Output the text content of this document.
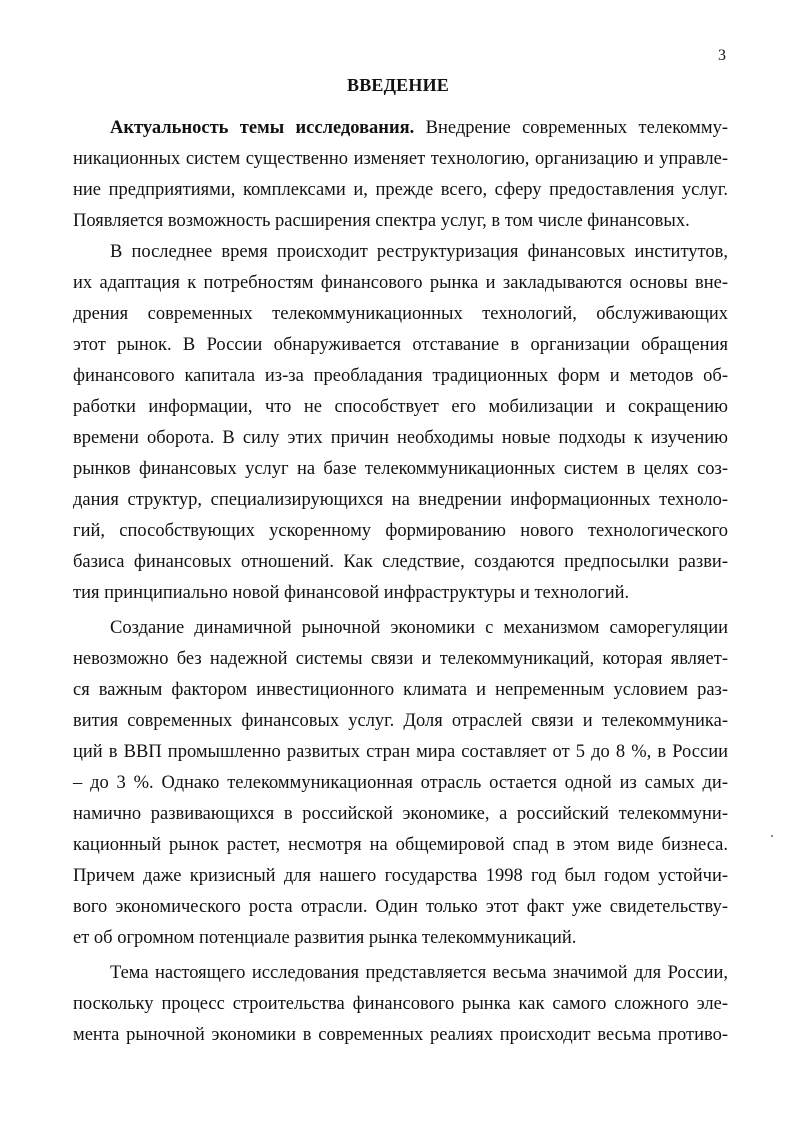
3
ВВЕДЕНИЕ
Актуальность темы исследования. Внедрение современных телекомму-
никационных систем существенно изменяет технологию, организацию и управле-
ние предприятиями, комплексами и, прежде всего, сферу предоставления услуг.
Появляется возможность расширения спектра услуг, в том числе финансовых.
В последнее время происходит реструктуризация финансовых институтов,
их адаптация к потребностям финансового рынка и закладываются основы вне-
дрения современных телекоммуникационных технологий, обслуживающих
этот рынок. В России обнаруживается отставание в организации обращения
финансового капитала из-за преобладания традиционных форм и методов об-
работки информации, что не способствует его мобилизации и сокращению
времени оборота. В силу этих причин необходимы новые подходы к изучению
рынков финансовых услуг на базе телекоммуникационных систем в целях соз-
дания структур, специализирующихся на внедрении информационных техноло-
гий, способствующих ускоренному формированию нового технологического
базиса финансовых отношений. Как следствие, создаются предпосылки разви-
тия принципиально новой финансовой инфраструктуры и технологий.
Создание динамичной рыночной экономики с механизмом саморегуляции
невозможно без надежной системы связи и телекоммуникаций, которая являет-
ся важным фактором инвестиционного климата и непременным условием раз-
вития современных финансовых услуг. Доля отраслей связи и телекоммуника-
ций в ВВП промышленно развитых стран мира составляет от 5 до 8 %, в России
– до 3 %. Однако телекоммуникационная отрасль остается одной из самых ди-
намично развивающихся в российской экономике, а российский телекоммуни-
кационный рынок растет, несмотря на общемировой спад в этом виде бизнеса.
Причем даже кризисный для нашего государства 1998 год был годом устойчи-
вого экономического роста отрасли. Один только этот факт уже свидетельству-
ет об огромном потенциале развития рынка телекоммуникаций.
Тема настоящего исследования представляется весьма значимой для России,
поскольку процесс строительства финансового рынка как самого сложного эле-
мента рыночной экономики в современных реалиях происходит весьма противо-
